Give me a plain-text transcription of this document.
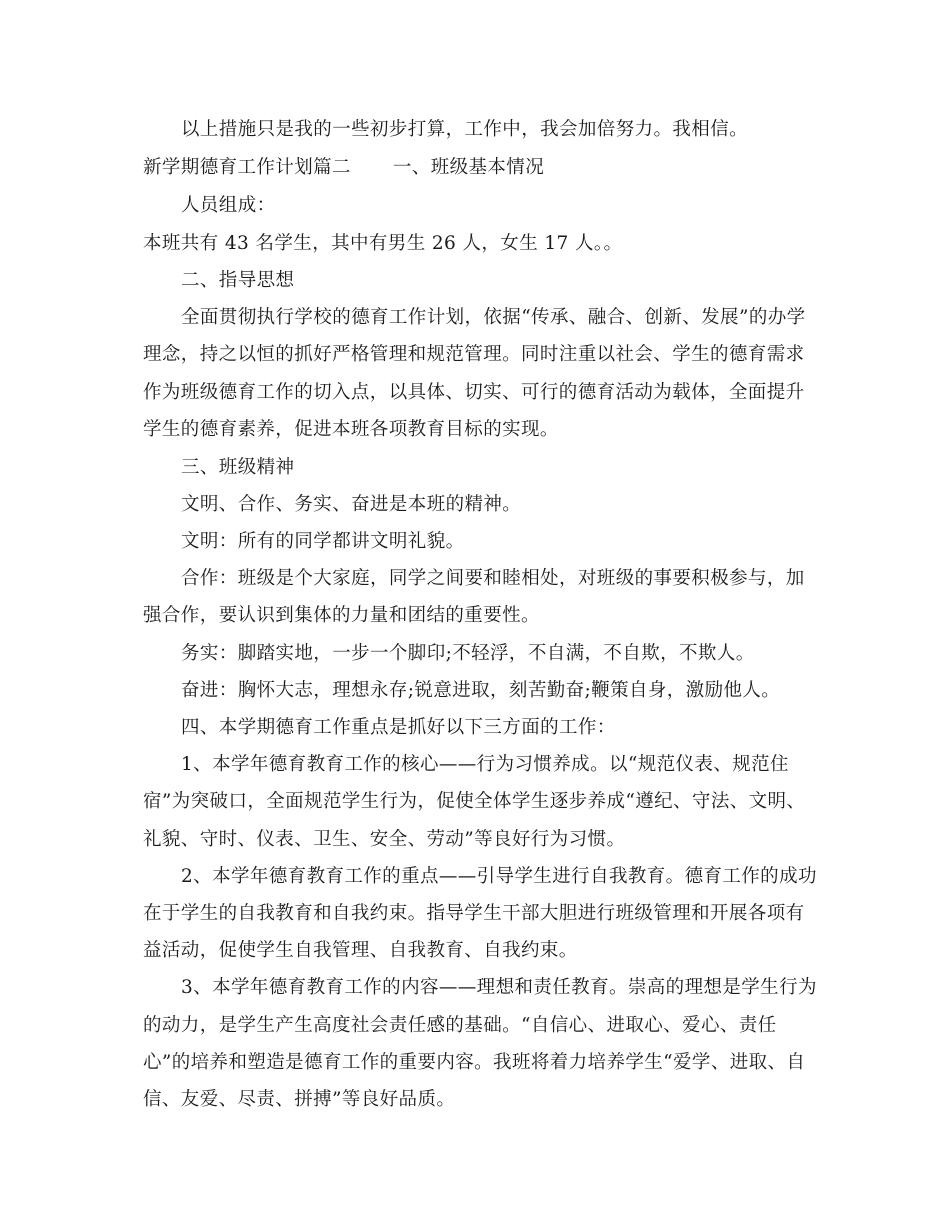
以上措施只是我的一些初步打算，工作中，我会加倍努力。我相信。
新学期德育工作计划篇二 一、班级基本情况
人员组成：
本班共有 43 名学生，其中有男生 26 人，女生 17 人。。
二、指导思想
全面贯彻执行学校的德育工作计划，依据“传承、融合、创新、发展”的办学
理念，持之以恒的抓好严格管理和规范管理。同时注重以社会、学生的德育需求
作为班级德育工作的切入点，以具体、切实、可行的德育活动为载体，全面提升
学生的德育素养，促进本班各项教育目标的实现。
三、班级精神
文明、合作、务实、奋进是本班的精神。
文明：所有的同学都讲文明礼貌。
合作：班级是个大家庭，同学之间要和睦相处，对班级的事要积极参与，加
强合作，要认识到集体的力量和团结的重要性。
务实：脚踏实地，一步一个脚印;不轻浮，不自满，不自欺，不欺人。
奋进：胸怀大志，理想永存;锐意进取，刻苦勤奋;鞭策自身，激励他人。
四、本学期德育工作重点是抓好以下三方面的工作：
1、本学年德育教育工作的核心——行为习惯养成。以“规范仪表、规范住
宿”为突破口，全面规范学生行为，促使全体学生逐步养成“遵纪、守法、文明、
礼貌、守时、仪表、卫生、安全、劳动”等良好行为习惯。
2、本学年德育教育工作的重点——引导学生进行自我教育。德育工作的成功
在于学生的自我教育和自我约束。指导学生干部大胆进行班级管理和开展各项有
益活动，促使学生自我管理、自我教育、自我约束。
3、本学年德育教育工作的内容——理想和责任教育。崇高的理想是学生行为
的动力，是学生产生高度社会责任感的基础。“自信心、进取心、爱心、责任
心”的培养和塑造是德育工作的重要内容。我班将着力培养学生“爱学、进取、自
信、友爱、尽责、拼搏”等良好品质。
